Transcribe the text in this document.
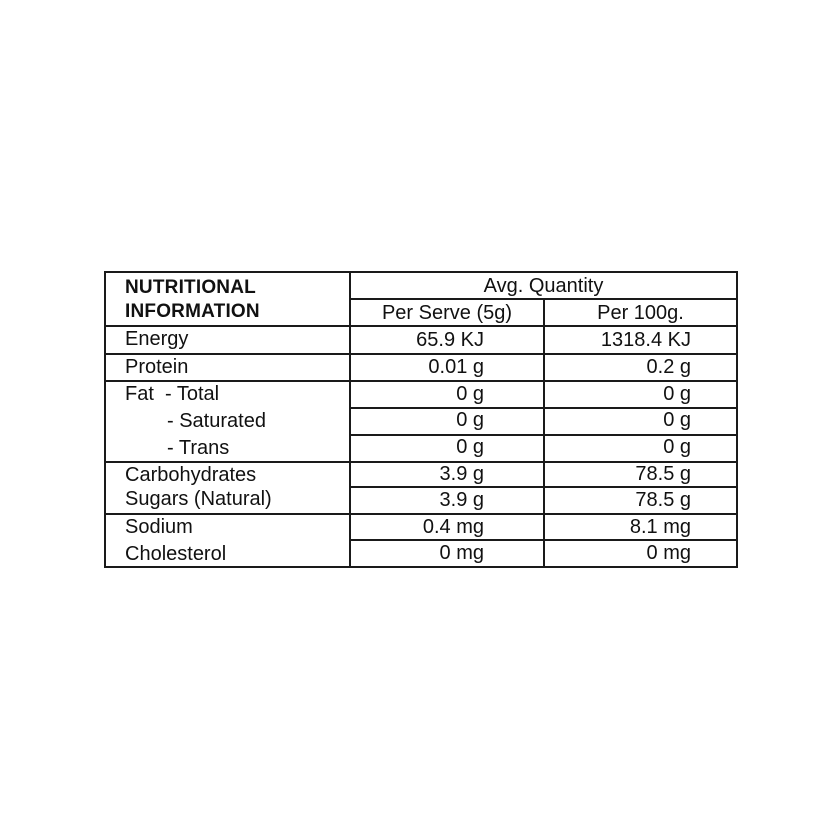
NUTRITIONAL
INFORMATION
Avg. Quantity
Per Serve (5g)	Per 100g.
Energy	65.9 KJ	1318.4 KJ
Protein	0.01 g	0.2 g
Fat  - Total	0 g	0 g
- Saturated	0 g	0 g
- Trans	0 g	0 g
Carbohydrates	3.9 g	78.5 g
Sugars (Natural)	3.9 g	78.5 g
Sodium	0.4 mg	8.1 mg
Cholesterol	0 mg	0 mg
